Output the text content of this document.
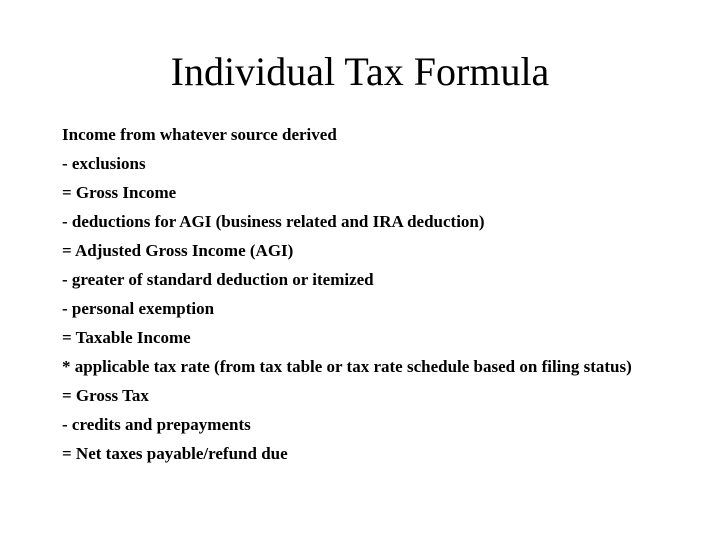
Individual Tax Formula
Income from whatever source derived
- exclusions
= Gross Income
- deductions for AGI (business related and IRA deduction)
= Adjusted Gross Income (AGI)
- greater of standard deduction or itemized
- personal exemption
= Taxable Income
* applicable tax rate (from tax table or tax rate schedule based on filing status)
= Gross Tax
- credits and prepayments
= Net taxes payable/refund due
